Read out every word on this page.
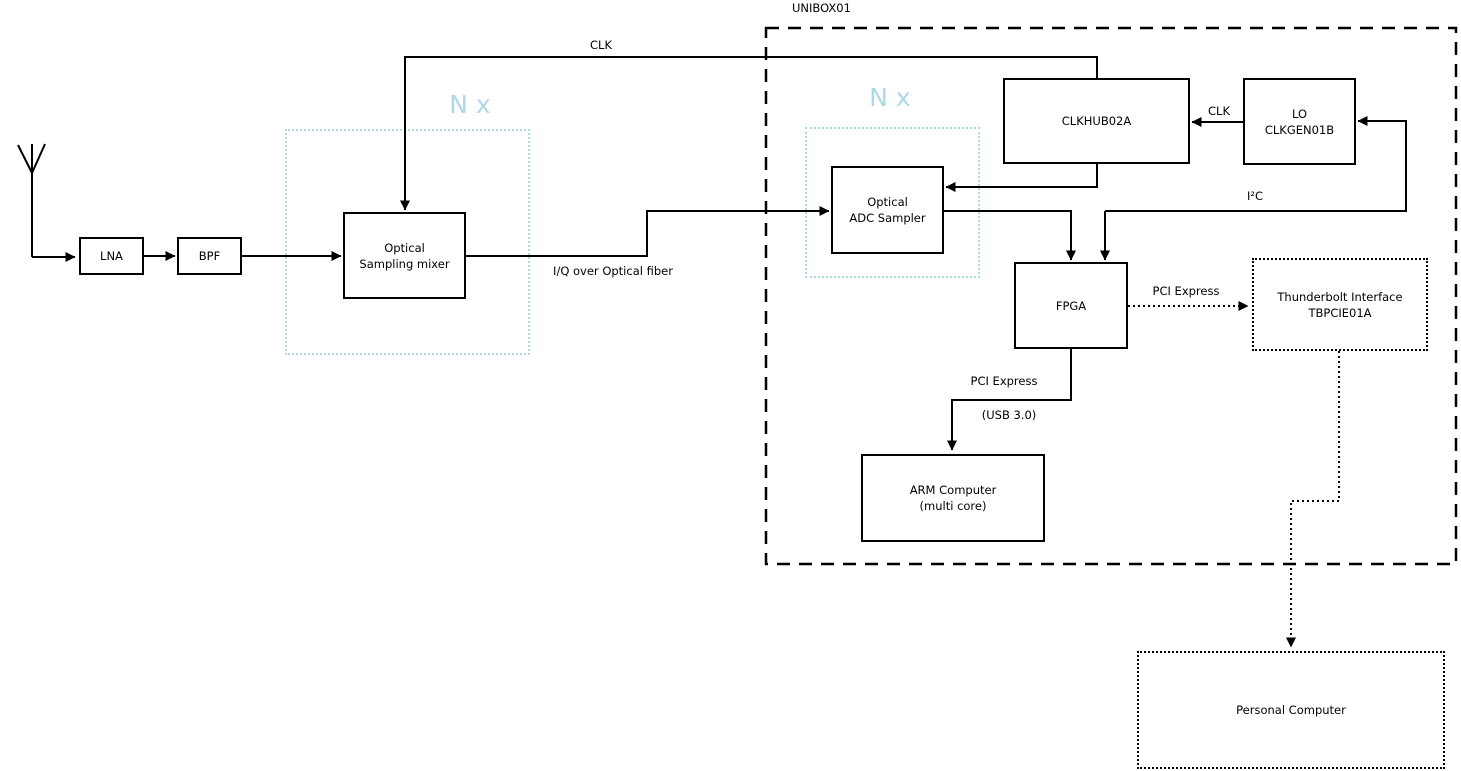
UNIBOX01
N x	N x
LNA	BPF
Optical
Sampling mixer
Optical
ADC Sampler
CLKHUB02A
LO
CLKGEN01B
FPGA
ARM Computer
(multi core)
Thunderbolt Interface
TBPCIE01A
Personal Computer
CLK
I/Q over Optical fiber
CLK
I²C
PCI Express
PCI Express
(USB 3.0)
